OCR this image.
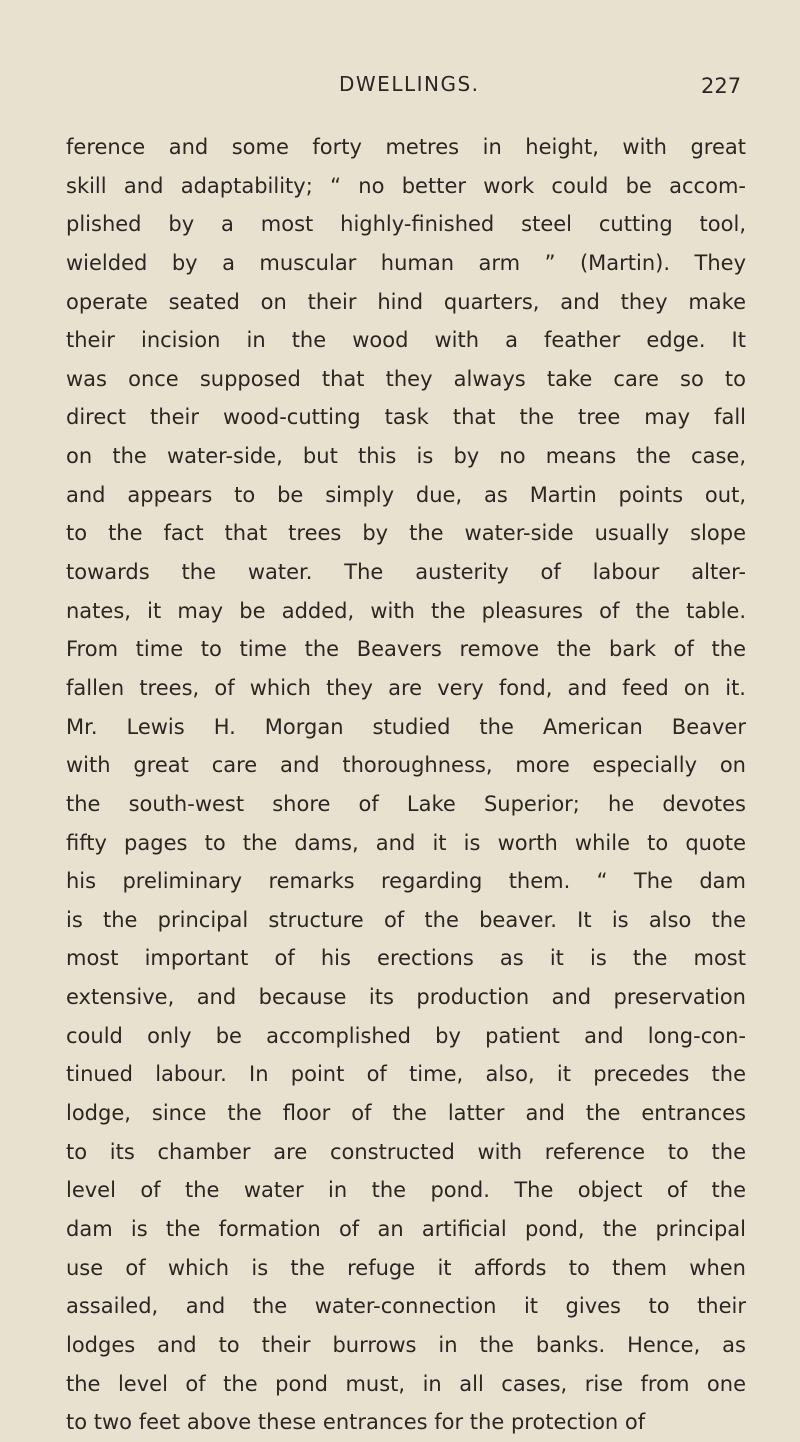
DWELLINGS.	227
ference and some forty metres in height, with great
skill and adaptability; “ no better work could be accom-
plished by a most highly-finished steel cutting tool,
wielded by a muscular human arm ” (Martin). They
operate seated on their hind quarters, and they make
their incision in the wood with a feather edge. It
was once supposed that they always take care so to
direct their wood-cutting task that the tree may fall
on the water-side, but this is by no means the case,
and appears to be simply due, as Martin points out,
to the fact that trees by the water-side usually slope
towards the water. The austerity of labour alter-
nates, it may be added, with the pleasures of the table.
From time to time the Beavers remove the bark of the
fallen trees, of which they are very fond, and feed on it.
Mr. Lewis H. Morgan studied the American Beaver
with great care and thoroughness, more especially on
the south-west shore of Lake Superior; he devotes
fifty pages to the dams, and it is worth while to quote
his preliminary remarks regarding them. “ The dam
is the principal structure of the beaver. It is also the
most important of his erections as it is the most
extensive, and because its production and preservation
could only be accomplished by patient and long-con-
tinued labour. In point of time, also, it precedes the
lodge, since the floor of the latter and the entrances
to its chamber are constructed with reference to the
level of the water in the pond. The object of the
dam is the formation of an artificial pond, the principal
use of which is the refuge it affords to them when
assailed, and the water-connection it gives to their
lodges and to their burrows in the banks. Hence, as
the level of the pond must, in all cases, rise from one
to two feet above these entrances for the protection of
